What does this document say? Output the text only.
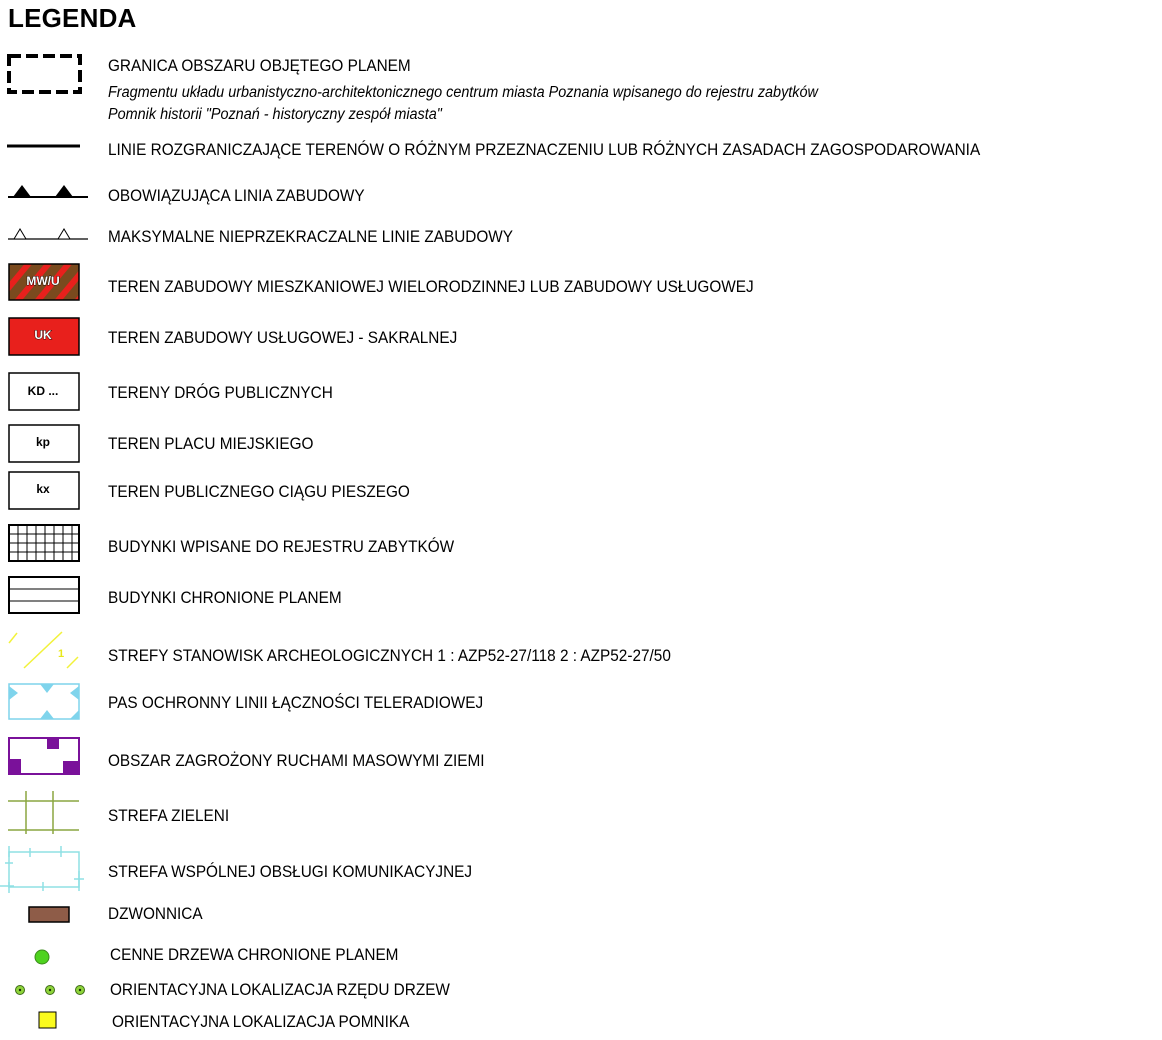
LEGENDA
1
MW/U
UK
KD ...
kp
kx
GRANICA OBSZARU OBJĘTEGO PLANEM
Fragmentu układu urbanistyczno-architektonicznego centrum miasta Poznania wpisanego do rejestru zabytków
Pomnik historii "Poznań - historyczny zespół miasta"
LINIE ROZGRANICZAJĄCE TERENÓW O RÓŻNYM PRZEZNACZENIU LUB RÓŻNYCH ZASADACH ZAGOSPODAROWANIA
OBOWIĄZUJĄCA LINIA ZABUDOWY
MAKSYMALNE NIEPRZEKRACZALNE LINIE ZABUDOWY
TEREN ZABUDOWY MIESZKANIOWEJ WIELORODZINNEJ LUB ZABUDOWY USŁUGOWEJ
TEREN ZABUDOWY USŁUGOWEJ - SAKRALNEJ
TERENY DRÓG PUBLICZNYCH
TEREN PLACU MIEJSKIEGO
TEREN PUBLICZNEGO CIĄGU PIESZEGO
BUDYNKI WPISANE DO REJESTRU ZABYTKÓW
BUDYNKI CHRONIONE PLANEM
STREFY STANOWISK ARCHEOLOGICZNYCH 1 : AZP52-27/118 2 : AZP52-27/50
PAS OCHRONNY LINII ŁĄCZNOŚCI TELERADIOWEJ
OBSZAR ZAGROŻONY RUCHAMI MASOWYMI ZIEMI
STREFA ZIELENI
STREFA WSPÓLNEJ OBSŁUGI KOMUNIKACYJNEJ
DZWONNICA
CENNE DRZEWA CHRONIONE PLANEM
ORIENTACYJNA LOKALIZACJA RZĘDU DRZEW
ORIENTACYJNA LOKALIZACJA POMNIKA
